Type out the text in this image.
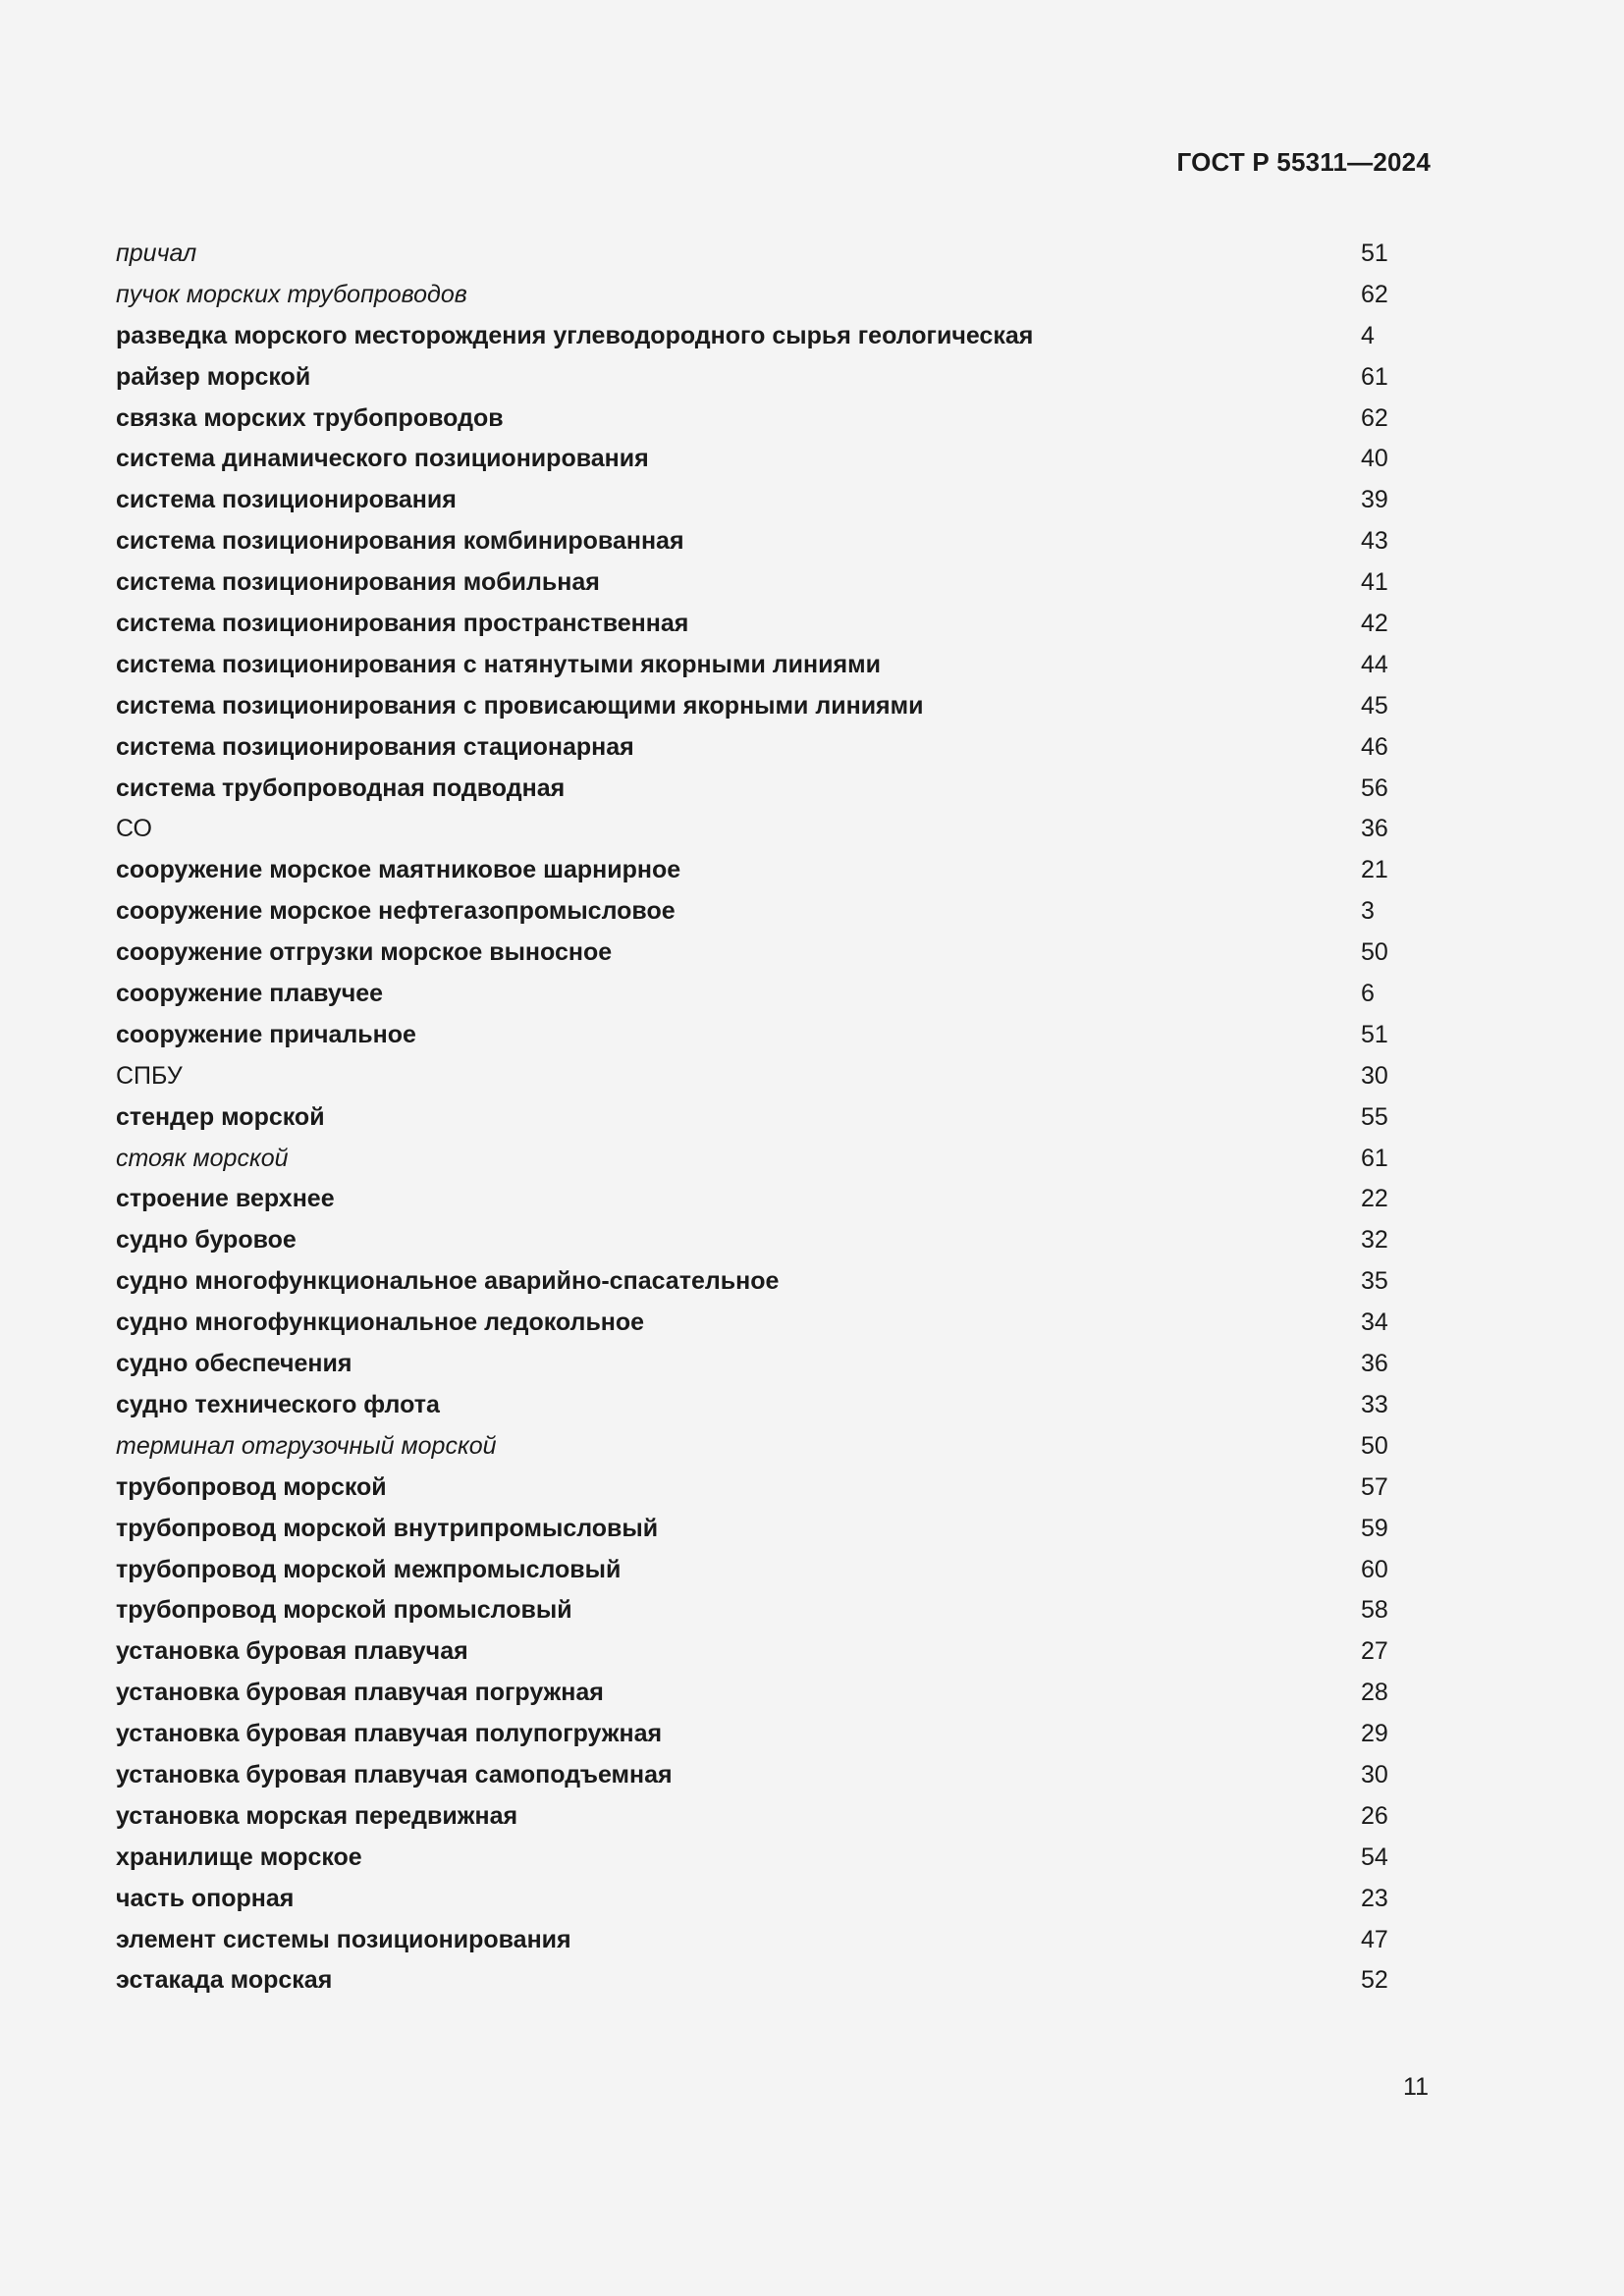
ГОСТ Р 55311—2024
причал	51
пучок морских трубопроводов	62
разведка морского месторождения углеводородного сырья геологическая	4
райзер морской	61
связка морских трубопроводов	62
система динамического позиционирования	40
система позиционирования	39
система позиционирования комбинированная	43
система позиционирования мобильная	41
система позиционирования пространственная	42
система позиционирования с натянутыми якорными линиями	44
система позиционирования с провисающими якорными линиями	45
система позиционирования стационарная	46
система трубопроводная подводная	56
СО	36
сооружение морское маятниковое шарнирное	21
сооружение морское нефтегазопромысловое	3
сооружение отгрузки морское выносное	50
сооружение плавучее	6
сооружение причальное	51
СПБУ	30
стендер морской	55
стояк морской	61
строение верхнее	22
судно буровое	32
судно многофункциональное аварийно-спасательное	35
судно многофункциональное ледокольное	34
судно обеспечения	36
судно технического флота	33
терминал отгрузочный морской	50
трубопровод морской	57
трубопровод морской внутрипромысловый	59
трубопровод морской межпромысловый	60
трубопровод морской промысловый	58
установка буровая плавучая	27
установка буровая плавучая погружная	28
установка буровая плавучая полупогружная	29
установка буровая плавучая самоподъемная	30
установка морская передвижная	26
хранилище морское	54
часть опорная	23
элемент системы позиционирования	47
эстакада морская	52
11
